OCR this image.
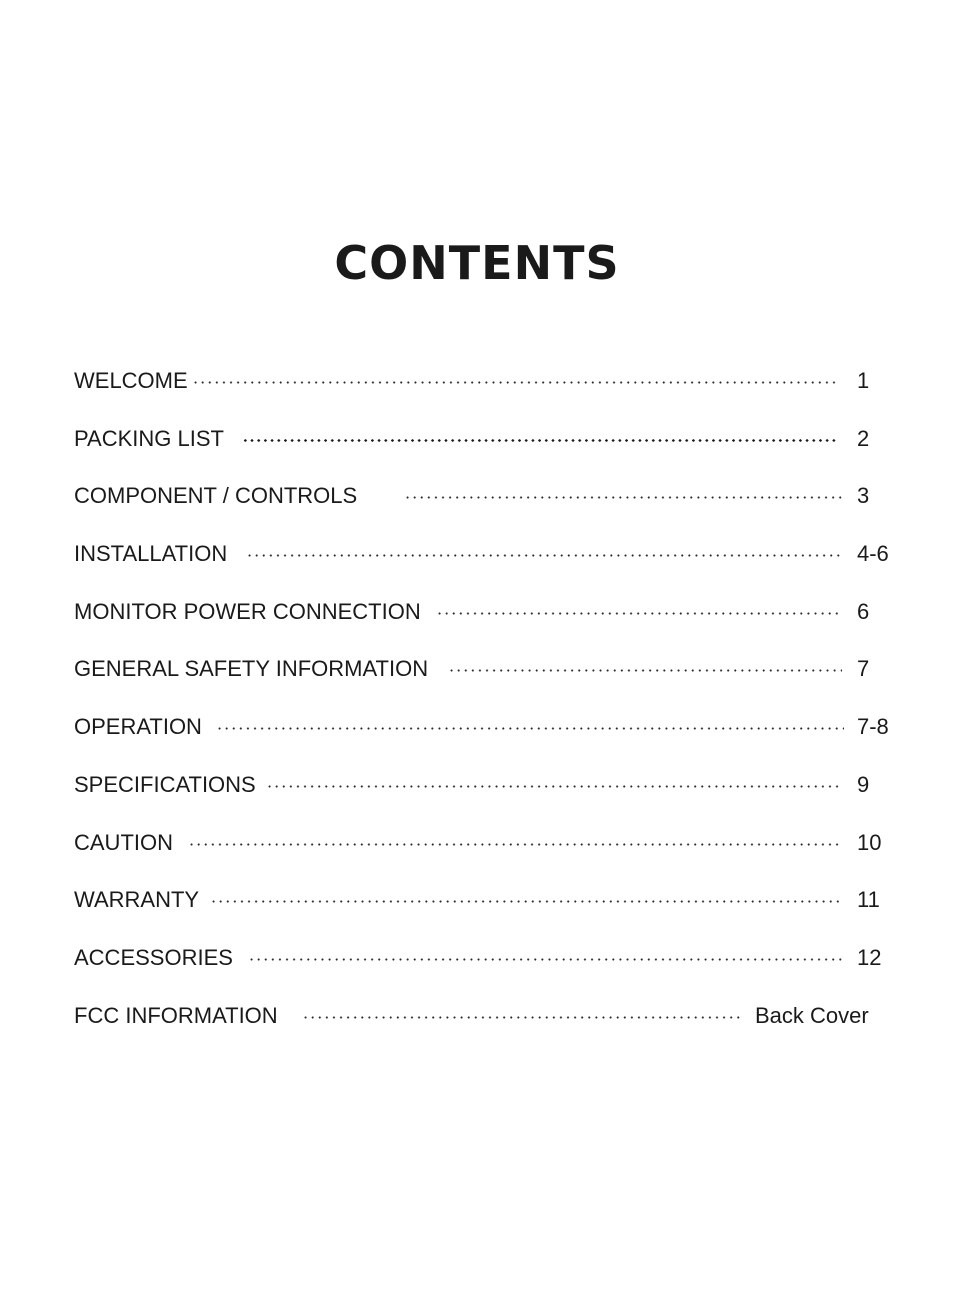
CONTENTS
WELCOME	1
PACKING LIST	2
COMPONENT / CONTROLS	3
INSTALLATION	4-6
MONITOR POWER CONNECTION	6
GENERAL SAFETY INFORMATION	7
OPERATION	7-8
SPECIFICATIONS	9
CAUTION	10
WARRANTY	11
ACCESSORIES	12
FCC INFORMATION	Back Cover
